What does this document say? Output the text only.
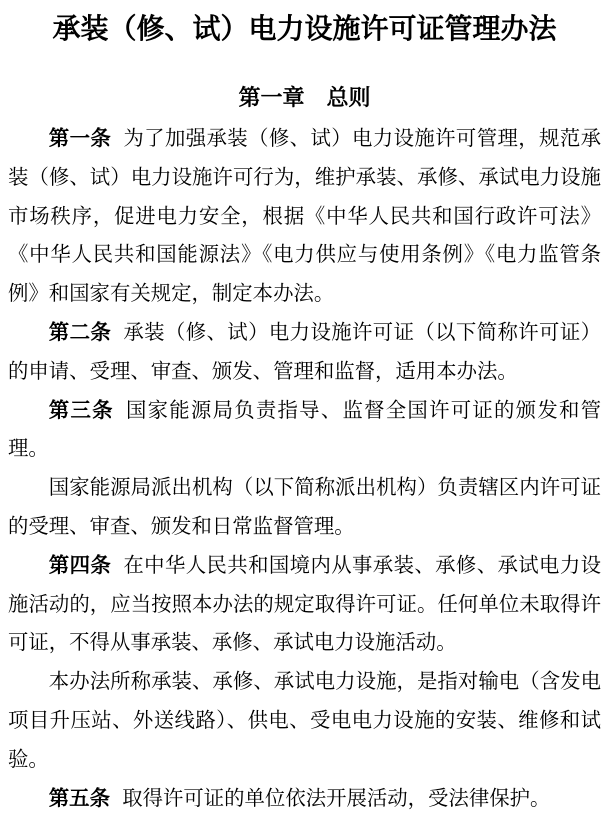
承装（修、试）电力设施许可证管理办法
第一章　总则

第一条 为了加强承装（修、试）电力设施许可管理，规范承装（修、试）电力设施许可行为，维护承装、承修、承试电力设施市场秩序，促进电力安全，根据《中华人民共和国行政许可法》《中华人民共和国能源法》《电力供应与使用条例》《电力监管条例》和国家有关规定，制定本办法。

第二条 承装（修、试）电力设施许可证（以下简称许可证）的申请、受理、审查、颁发、管理和监督，适用本办法。

第三条 国家能源局负责指导、监督全国许可证的颁发和管理。

国家能源局派出机构（以下简称派出机构）负责辖区内许可证的受理、审查、颁发和日常监督管理。

第四条 在中华人民共和国境内从事承装、承修、承试电力设施活动的，应当按照本办法的规定取得许可证。任何单位未取得许可证，不得从事承装、承修、承试电力设施活动。

本办法所称承装、承修、承试电力设施，是指对输电（含发电项目升压站、外送线路）、供电、受电电力设施的安装、维修和试验。

第五条 取得许可证的单位依法开展活动，受法律保护。
